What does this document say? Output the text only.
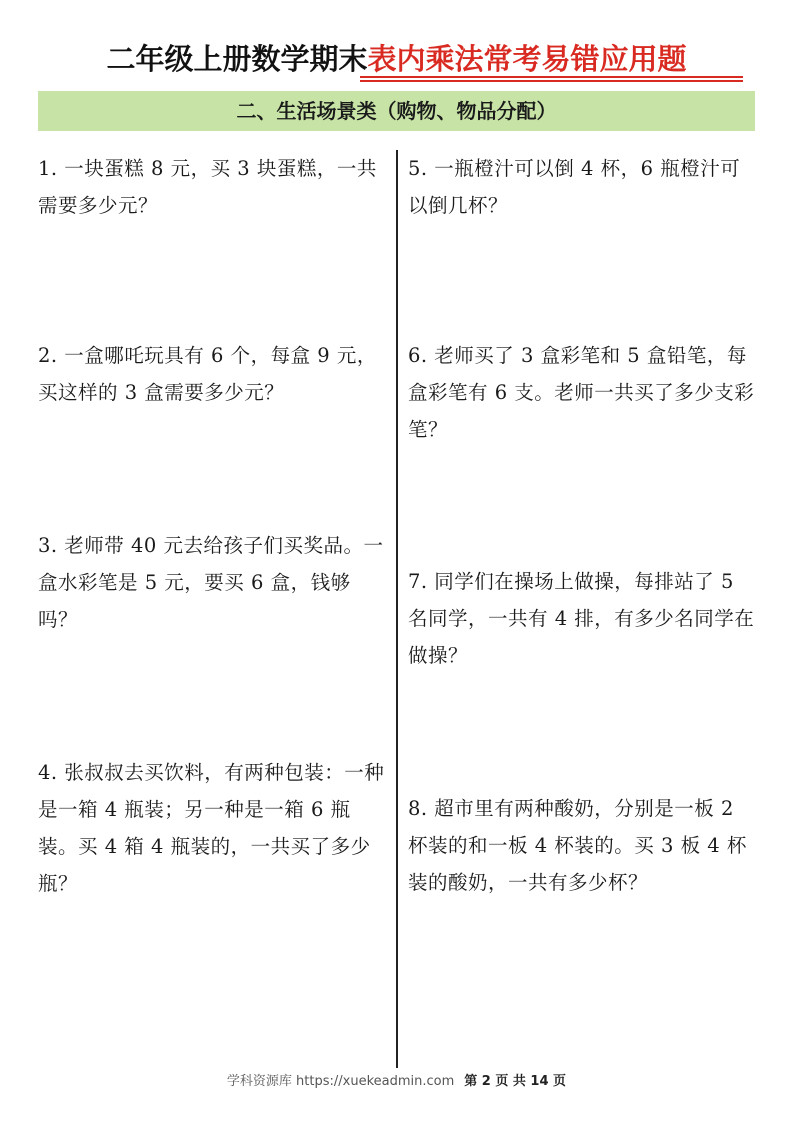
二年级上册数学期末表内乘法常考易错应用题
二、生活场景类（购物、物品分配）
1. 一块蛋糕 8 元，买 3 块蛋糕，一共需要多少元？
2. 一盒哪吒玩具有 6 个，每盒 9 元，买这样的 3 盒需要多少元？
3. 老师带 40 元去给孩子们买奖品。一盒水彩笔是 5 元，要买 6 盒，钱够吗？
4. 张叔叔去买饮料，有两种包装：一种是一箱 4 瓶装；另一种是一箱 6 瓶装。买 4 箱 4 瓶装的，一共买了多少瓶？
5. 一瓶橙汁可以倒 4 杯，6 瓶橙汁可以倒几杯？
6. 老师买了 3 盒彩笔和 5 盒铅笔，每盒彩笔有 6 支。老师一共买了多少支彩笔？
7. 同学们在操场上做操，每排站了 5 名同学，一共有 4 排，有多少名同学在做操？
8. 超市里有两种酸奶，分别是一板 2 杯装的和一板 4 杯装的。买 3 板 4 杯装的酸奶，一共有多少杯？
学科资源库 https://xuekeadmin.com 第 2 页 共 14 页
